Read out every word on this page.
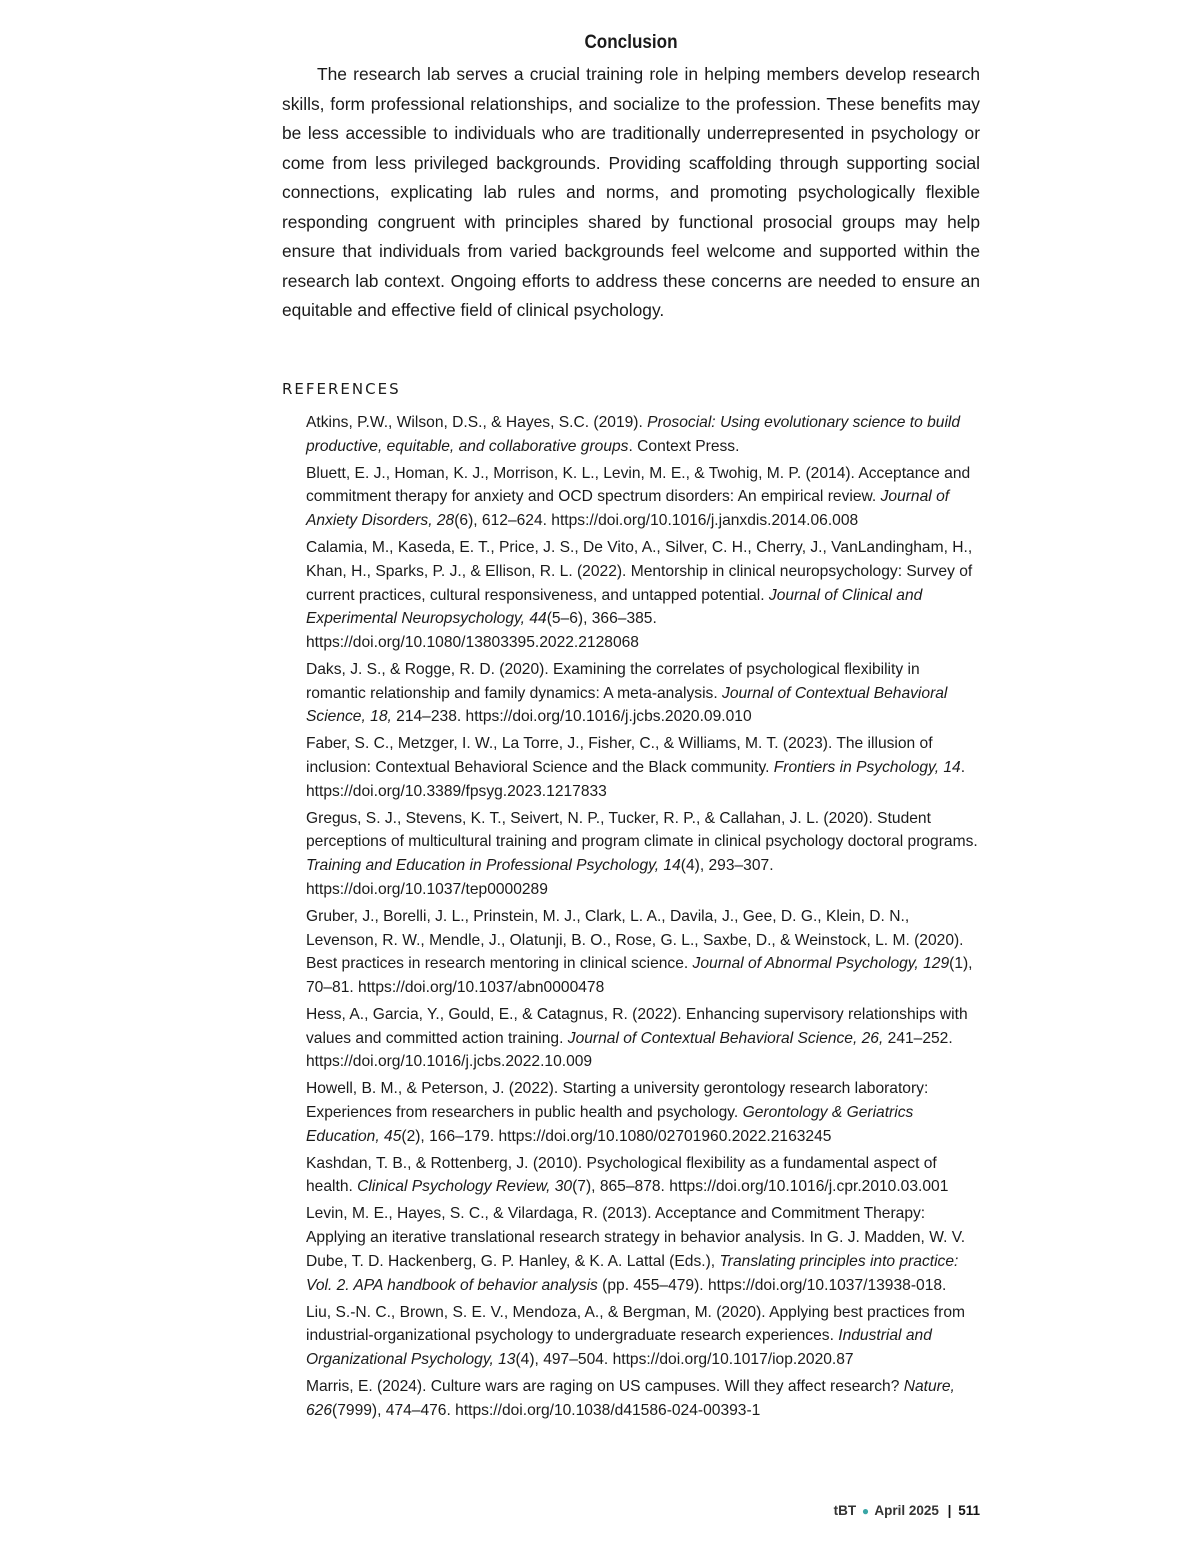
Conclusion

The research lab serves a crucial training role in helping members develop research skills, form professional relationships, and socialize to the profession. These benefits may be less accessible to individuals who are traditionally underrepresented in psychology or come from less privileged backgrounds. Providing scaffolding through supporting social connections, explicating lab rules and norms, and promoting psychologically flexible responding congruent with principles shared by functional prosocial groups may help ensure that individuals from varied backgrounds feel welcome and supported within the research lab context. Ongoing efforts to address these concerns are needed to ensure an equitable and effective field of clinical psychology.

REFERENCES
Atkins, P.W., Wilson, D.S., & Hayes, S.C. (2019). Prosocial: Using evolutionary science to build productive, equitable, and collaborative groups. Context Press.
Bluett, E. J., Homan, K. J., Morrison, K. L., Levin, M. E., & Twohig, M. P. (2014). Acceptance and commitment therapy for anxiety and OCD spectrum disorders: An empirical review. Journal of Anxiety Disorders, 28(6), 612–624. https://doi.org/10.1016/j.janxdis.2014.06.008
Calamia, M., Kaseda, E. T., Price, J. S., De Vito, A., Silver, C. H., Cherry, J., VanLandingham, H., Khan, H., Sparks, P. J., & Ellison, R. L. (2022). Mentorship in clinical neuropsychology: Survey of current practices, cultural responsiveness, and untapped potential. Journal of Clinical and Experimental Neuropsychology, 44(5–6), 366–385. https://doi.org/10.1080/13803395.2022.2128068
Daks, J. S., & Rogge, R. D. (2020). Examining the correlates of psychological flexibility in romantic relationship and family dynamics: A meta-analysis. Journal of Contextual Behavioral Science, 18, 214–238. https://doi.org/10.1016/j.jcbs.2020.09.010
Faber, S. C., Metzger, I. W., La Torre, J., Fisher, C., & Williams, M. T. (2023). The illusion of inclusion: Contextual Behavioral Science and the Black community. Frontiers in Psychology, 14. https://doi.org/10.3389/fpsyg.2023.1217833
Gregus, S. J., Stevens, K. T., Seivert, N. P., Tucker, R. P., & Callahan, J. L. (2020). Student perceptions of multicultural training and program climate in clinical psychology doctoral programs. Training and Education in Professional Psychology, 14(4), 293–307. https://doi.org/10.1037/tep0000289
Gruber, J., Borelli, J. L., Prinstein, M. J., Clark, L. A., Davila, J., Gee, D. G., Klein, D. N., Levenson, R. W., Mendle, J., Olatunji, B. O., Rose, G. L., Saxbe, D., & Weinstock, L. M. (2020). Best practices in research mentoring in clinical science. Journal of Abnormal Psychology, 129(1), 70–81. https://doi.org/10.1037/abn0000478
Hess, A., Garcia, Y., Gould, E., & Catagnus, R. (2022). Enhancing supervisory relationships with values and committed action training. Journal of Contextual Behavioral Science, 26, 241–252. https://doi.org/10.1016/j.jcbs.2022.10.009
Howell, B. M., & Peterson, J. (2022). Starting a university gerontology research laboratory: Experiences from researchers in public health and psychology. Gerontology & Geriatrics Education, 45(2), 166–179. https://doi.org/10.1080/02701960.2022.2163245
Kashdan, T. B., & Rottenberg, J. (2010). Psychological flexibility as a fundamental aspect of health. Clinical Psychology Review, 30(7), 865–878. https://doi.org/10.1016/j.cpr.2010.03.001
Levin, M. E., Hayes, S. C., & Vilardaga, R. (2013). Acceptance and Commitment Therapy: Applying an iterative translational research strategy in behavior analysis. In G. J. Madden, W. V. Dube, T. D. Hackenberg, G. P. Hanley, & K. A. Lattal (Eds.), Translating principles into practice: Vol. 2. APA handbook of behavior analysis (pp. 455–479). https://doi.org/10.1037/13938-018.
Liu, S.-N. C., Brown, S. E. V., Mendoza, A., & Bergman, M. (2020). Applying best practices from industrial-organizational psychology to undergraduate research experiences. Industrial and Organizational Psychology, 13(4), 497–504. https://doi.org/10.1017/iop.2020.87
Marris, E. (2024). Culture wars are raging on US campuses. Will they affect research? Nature, 626(7999), 474–476. https://doi.org/10.1038/d41586-024-00393-1
tBT ● April 2025 | 511
